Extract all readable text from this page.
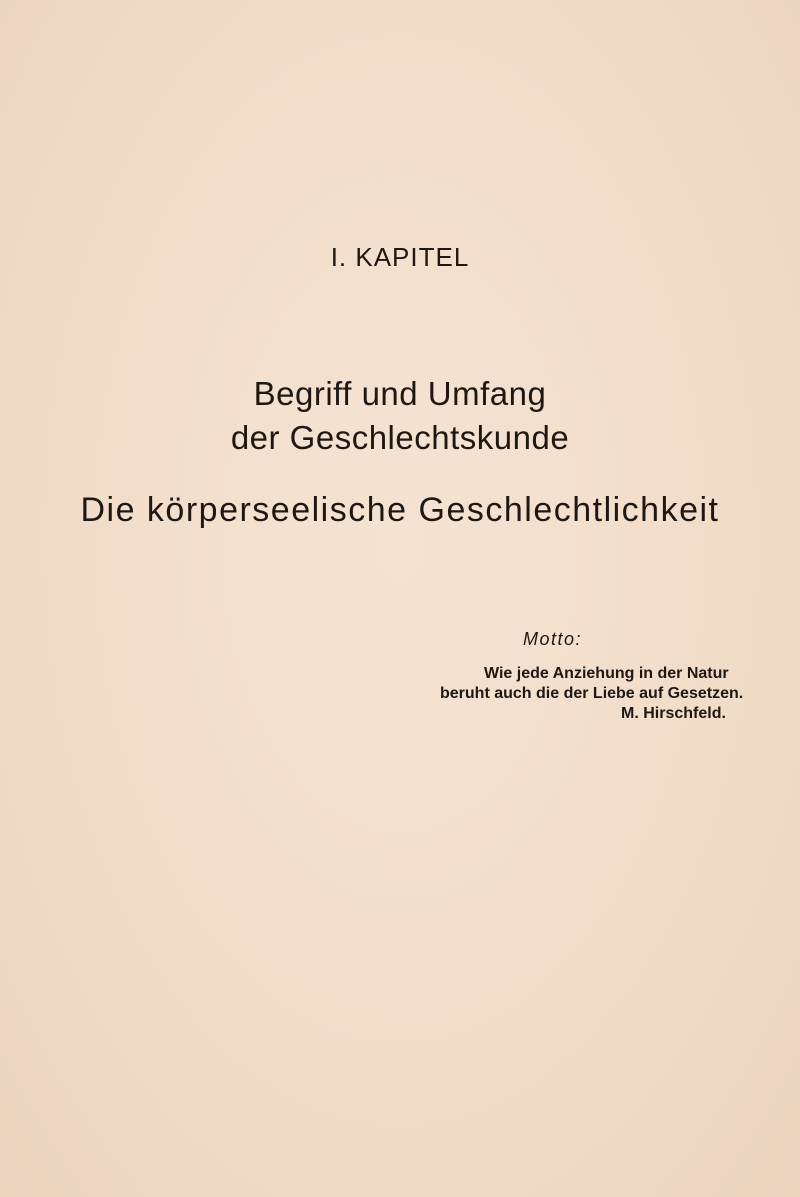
I. KAPITEL
Begriff und Umfang
der Geschlechtskunde
Die körperseelische Geschlechtlichkeit
Motto:
Wie jede Anziehung in der Natur
beruht auch die der Liebe auf Gesetzen.
M. Hirschfeld.
